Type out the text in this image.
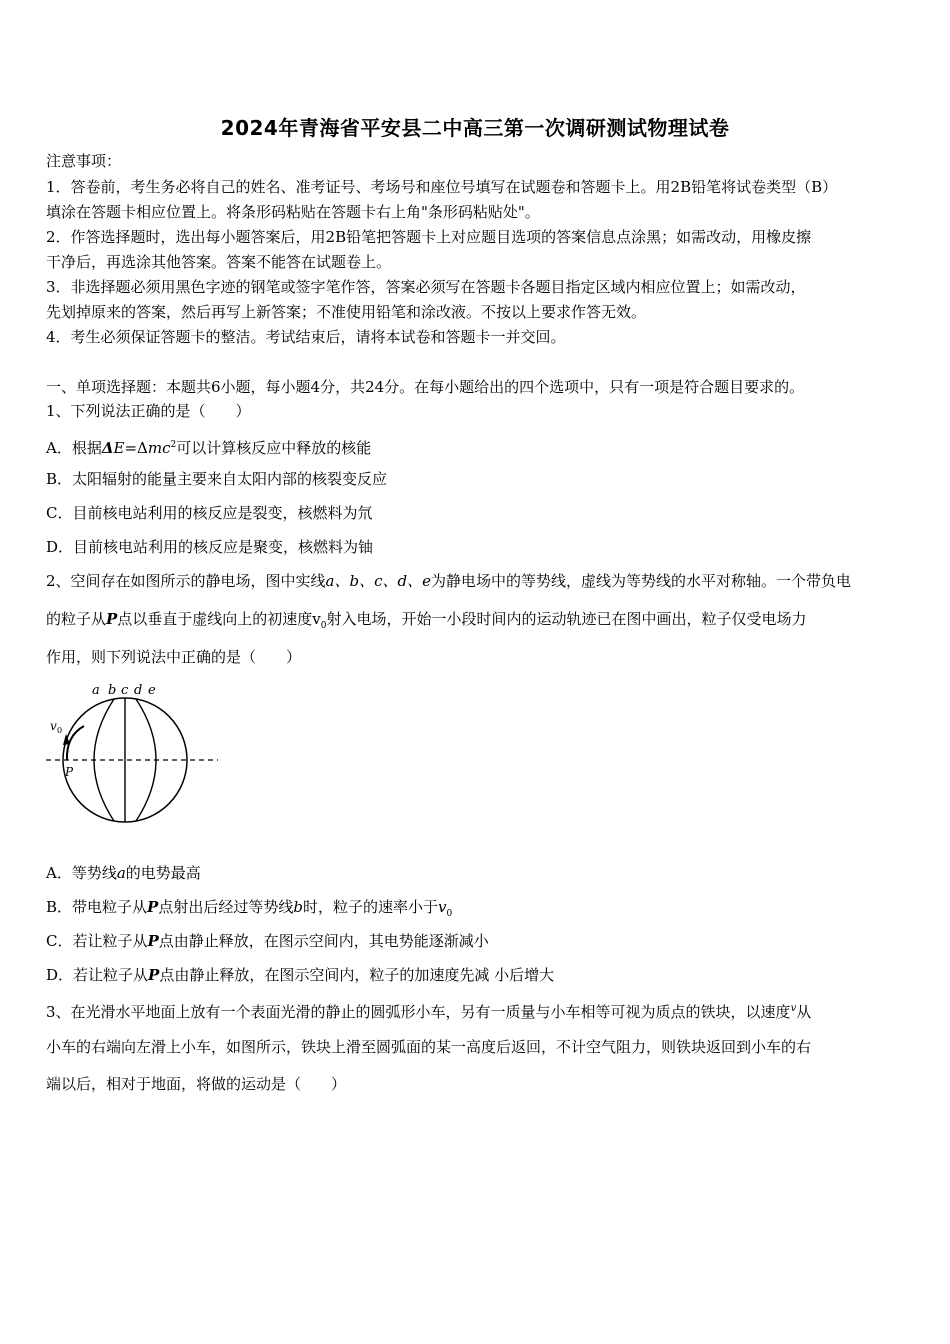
2024年青海省平安县二中高三第一次调研测试物理试卷
注意事项：
1．答卷前，考生务必将自己的姓名、准考证号、考场号和座位号填写在试题卷和答题卡上。用2B铅笔将试卷类型（B）
填涂在答题卡相应位置上。将条形码粘贴在答题卡右上角"条形码粘贴处"。
2．作答选择题时，选出每小题答案后，用2B铅笔把答题卡上对应题目选项的答案信息点涂黑；如需改动，用橡皮擦
干净后，再选涂其他答案。答案不能答在试题卷上。
3．非选择题必须用黑色字迹的钢笔或签字笔作答，答案必须写在答题卡各题目指定区域内相应位置上；如需改动，
先划掉原来的答案，然后再写上新答案；不准使用铅笔和涂改液。不按以上要求作答无效。
4．考生必须保证答题卡的整洁。考试结束后，请将本试卷和答题卡一并交回。
一、单项选择题：本题共6小题，每小题4分，共24分。在每小题给出的四个选项中，只有一项是符合题目要求的。
1、下列说法正确的是（　　）
A．根据ΔE=Δmc$^2$可以计算核反应中释放的核能
B．太阳辐射的能量主要来自太阳内部的核裂变反应
C．目前核电站利用的核反应是裂变，核燃料为氘
D．目前核电站利用的核反应是聚变，核燃料为铀
2、空间存在如图所示的静电场，图中实线a、b、c、d、e为静电场中的等势线，虚线为等势线的水平对称轴。一个带负电
的粒子从P点以垂直于虚线向上的初速度$v_0$射入电场，开始一小段时间内的运动轨迹已在图中画出，粒子仅受电场力
作用，则下列说法中正确的是（　　）
a b c d e
v 0
P
A．等势线a的电势最高
B．带电粒子从P点射出后经过等势线b时，粒子的速率小于$v_0$
C．若让粒子从P点由静止释放，在图示空间内，其电势能逐渐减小
D．若让粒子从P点由静止释放，在图示空间内，粒子的加速度先减 小后增大
3、在光滑水平地面上放有一个表面光滑的静止的圆弧形小车，另有一质量与小车相等可视为质点的铁块，以速度$^v$从
小车的右端向左滑上小车，如图所示，铁块上滑至圆弧面的某一高度后返回，不计空气阻力，则铁块返回到小车的右
端以后，相对于地面，将做的运动是（　　）
